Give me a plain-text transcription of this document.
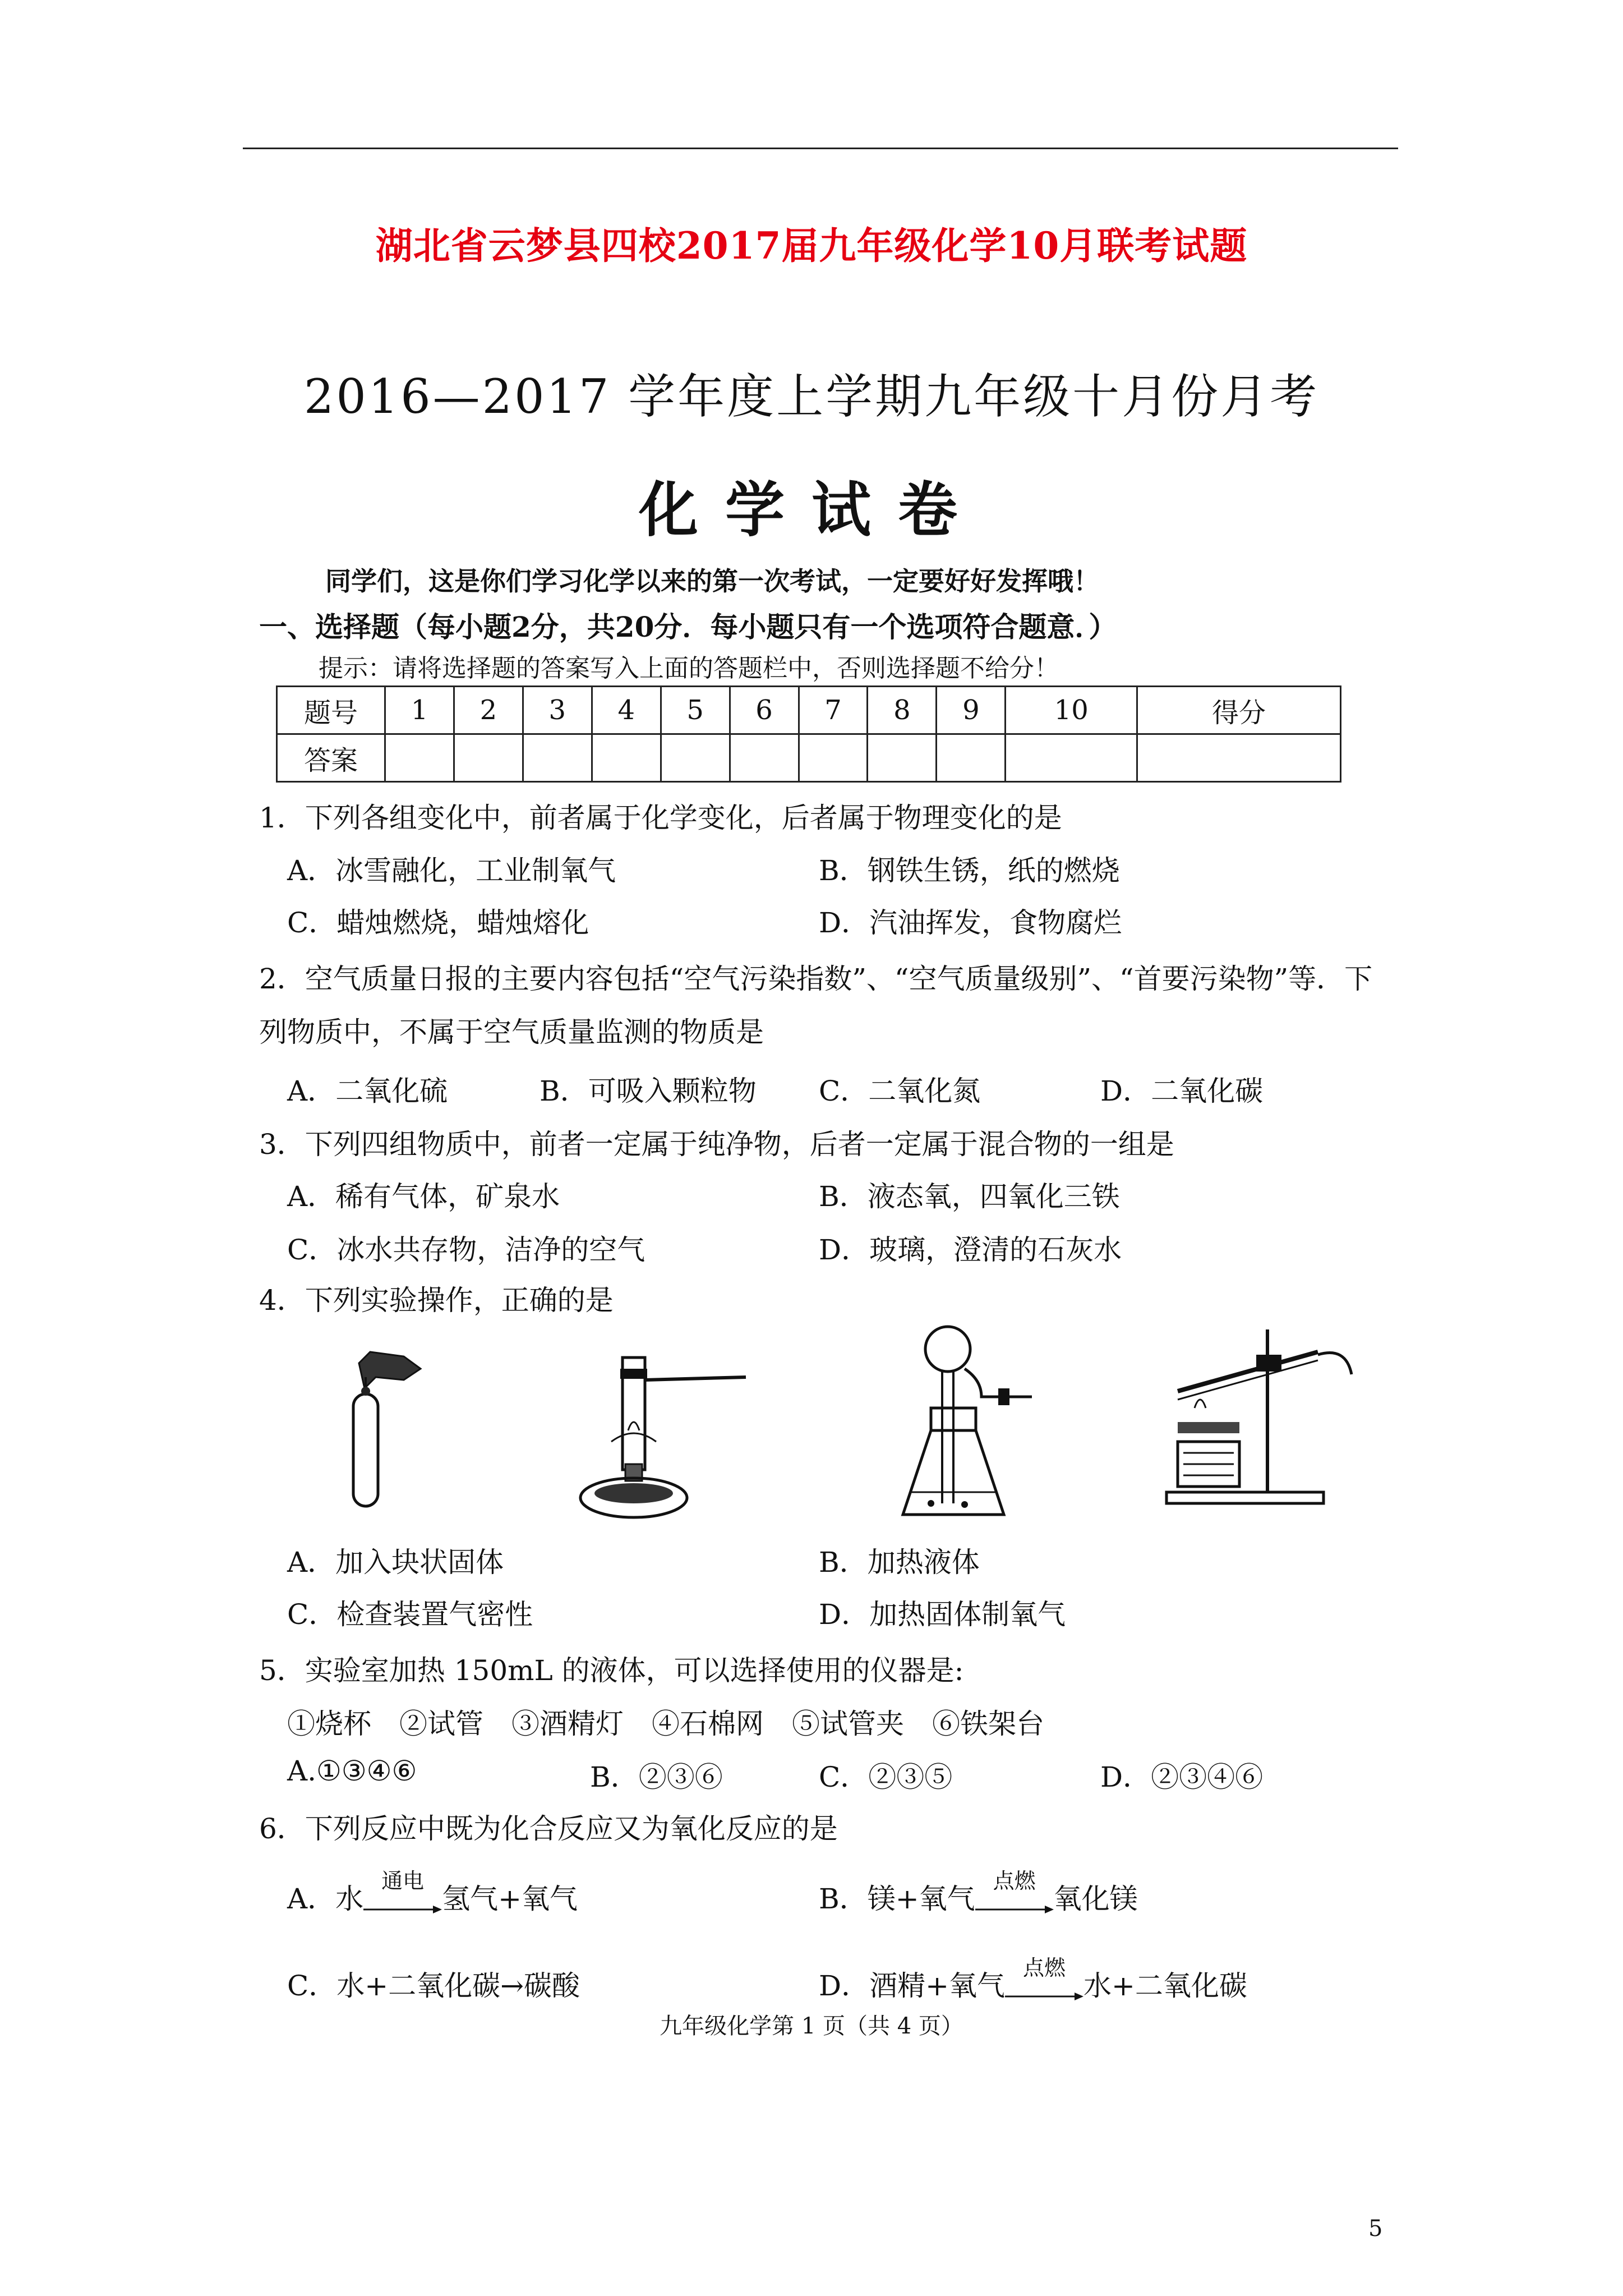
湖北省云梦县四校2017届九年级化学10月联考试题
2016—2017 学年度上学期九年级十月份月考
化学试卷
同学们，这是你们学习化学以来的第一次考试，一定要好好发挥哦！
一、选择题（每小题2分，共20分．每小题只有一个选项符合题意．）
提示：请将选择题的答案写入上面的答题栏中，否则选择题不给分！
题号	1	2	3	4	5	6	7	8	9	10	得分
答案											
1．下列各组变化中，前者属于化学变化，后者属于物理变化的是
A．冰雪融化，工业制氧气	B．钢铁生锈，纸的燃烧
C．蜡烛燃烧，蜡烛熔化	D．汽油挥发，食物腐烂
2．空气质量日报的主要内容包括“空气污染指数”、“空气质量级别”、“首要污染物”等．下
列物质中，不属于空气质量监测的物质是
A．二氧化硫	B．可吸入颗粒物 C．二氧化氮	D．二氧化碳
3．下列四组物质中，前者一定属于纯净物，后者一定属于混合物的一组是
A．稀有气体，矿泉水	B．液态氧，四氧化三铁
C．冰水共存物，洁净的空气	D．玻璃，澄清的石灰水
4．下列实验操作，正确的是
A．加入块状固体	B．加热液体
C．检查装置气密性	D．加热固体制氧气
5．实验室加热 150mL 的液体，可以选择使用的仪器是:
①烧杯　②试管　③酒精灯　④石棉网　⑤试管夹　⑥铁架台
A.①③④⑥	B．②③⑥	C．②③⑤	D．②③④⑥
6．下列反应中既为化合反应又为氧化反应的是
A．水
通电
氢气+氧气	B．镁+氧气
点燃
氧化镁
C．水+二氧化碳→碳酸	D．酒精+氧气
点燃
水+二氧化碳
九年级化学第 1 页（共 4 页）
5
